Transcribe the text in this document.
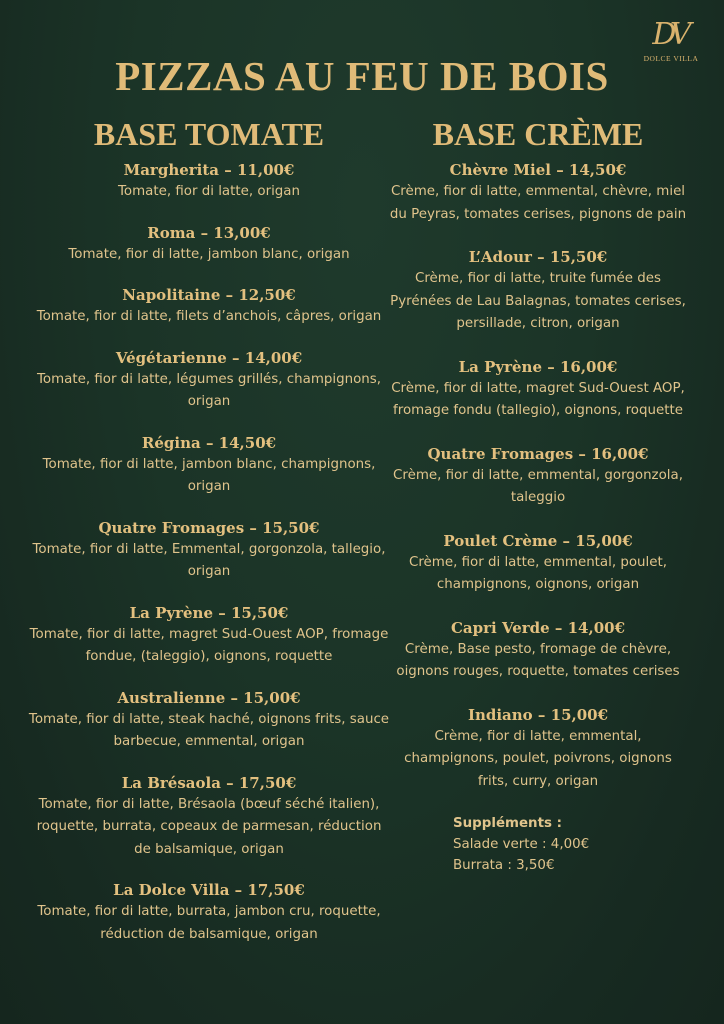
DV
DOLCE VILLA
PIZZAS AU FEU DE BOIS
BASE TOMATE
Margherita – 11,00€
Tomate, fior di latte, origan
Roma – 13,00€
Tomate, fior di latte, jambon blanc, origan
Napolitaine – 12,50€
Tomate, fior di latte, filets d’anchois, câpres, origan
Végétarienne – 14,00€
Tomate, fior di latte, légumes grillés, champignons, origan
Régina – 14,50€
Tomate, fior di latte, jambon blanc, champignons, origan
Quatre Fromages – 15,50€
Tomate, fior di latte, Emmental, gorgonzola, tallegio, origan
La Pyrène – 15,50€
Tomate, fior di latte, magret Sud-Ouest AOP, fromage fondue, (taleggio), oignons, roquette
Australienne – 15,00€
Tomate, fior di latte, steak haché, oignons frits, sauce barbecue, emmental, origan
La Brésaola – 17,50€
Tomate, fior di latte, Brésaola (bœuf séché italien), roquette, burrata, copeaux de parmesan, réduction de balsamique, origan
La Dolce Villa – 17,50€
Tomate, fior di latte, burrata, jambon cru, roquette, réduction de balsamique, origan
BASE CRÈME
Chèvre Miel – 14,50€
Crème, fior di latte, emmental, chèvre, miel du Peyras, tomates cerises, pignons de pain
L’Adour – 15,50€
Crème, fior di latte, truite fumée des Pyrénées de Lau Balagnas, tomates cerises, persillade, citron, origan
La Pyrène – 16,00€
Crème, fior di latte, magret Sud-Ouest AOP, fromage fondu (tallegio), oignons, roquette
Quatre Fromages – 16,00€
Crème, fior di latte, emmental, gorgonzola, taleggio
Poulet Crème – 15,00€
Crème, fior di latte, emmental, poulet, champignons, oignons, origan
Capri Verde – 14,00€
Crème, Base pesto, fromage de chèvre, oignons rouges, roquette, tomates cerises
Indiano – 15,00€
Crème, fior di latte, emmental, champignons, poulet, poivrons, oignons frits, curry, origan
Suppléments :
Salade verte : 4,00€
Burrata : 3,50€
